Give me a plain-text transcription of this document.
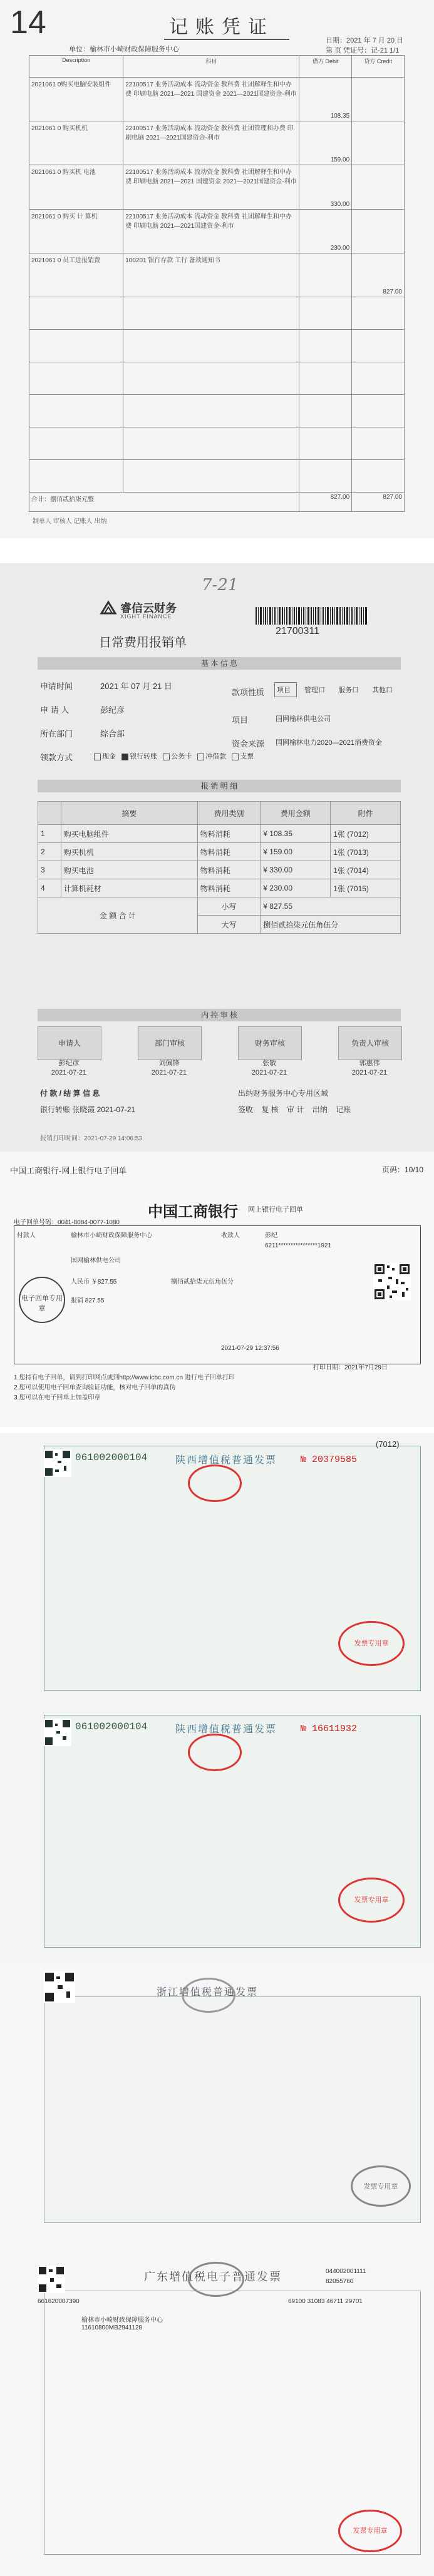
14	记账凭证
单位：榆林市小崎财政保障服务中心
日期：2021 年 7 月 20 日
第 页 凭证号：记-21 1/1
Description	科目	借方 Debit	贷方 Credit
2021061 0购买电脑安装组件	22100517 业务活动成本 流动资金 教科费 社团解释生和中办费 印刷电脑 2021—2021 国建资金 2021—2021国建资金-利市	108.35	
2021061 0 购买机机	22100517 业务活动成本 流动资金 教科费 社团管理和办费 印刷电脑 2021—2021国建资金-利市	159.00	
2021061 0 购买机 电池	22100517 业务活动成本 流动资金 教科费 社团解释生和中办费 印刷电脑 2021—2021 国建资金 2021—2021国建资金-利市	330.00	
2021061 0 购买 计 算机	22100517 业务活动成本 流动资金 教科费 社团解释生和中办费 印刷电脑 2021—2021国建资金-利市	230.00	
2021061 0 员工进报销费	100201 银行存款 工行 备款通知书		827.00

合计：捌佰贰拾柒元整		827.00	827.00
制单人 审核人 记账人 出纳
7-21
睿信云财务
XIGHT FINANCE
21700311
日常费用报销单
基 本 信 息
申请时间	2021 年 07 月 21 日
申 请 人	彭纪彦
所在部门	综合部
领款方式	现金 银行转账 公务卡 冲借款 支票
款项性质 项目 管理口 服务口 其他口
项目	国网榆林供电公司
资金来源 国网榆林电力2020—2021消费资金
报 销 明 细
	摘要	费用类别	费用金额	附件
1	购买电脑组件	物料消耗	¥ 108.35	1张 (7012)
2	购买机机	物料消耗	¥ 159.00	1张 (7013)
3	购买电池	物料消耗	¥ 330.00	1张 (7014)
4	计算机耗材	物料消耗	¥ 230.00	1张 (7015)
金 额 合 计		小写	¥ 827.55	
		大写	捌佰贰拾柒元伍角伍分	
内 控 审 核
申请人
彭纪彦
2021-07-21
部门审核
刘佩锋
2021-07-21
财务审核
张敏
2021-07-21
负责人审核
郭惠伟
2021-07-21
付 款 / 结 算 信 息
银行转账 张晓霞 2021-07-21
出纳财务服务中心专用区域
签收 复 核 审 计 出纳 记账
报销打印时间：2021-07-29 14:06:53
中国工商银行-网上银行电子回单	页码：10/10
中国工商银行 网上银行电子回单
电子回单号码：0041-8084-0077-1080
付款人	榆林市小崎财政保障服务中心	收款人	彭纪
6211****************1921
国网榆林供电公司
人民币 ￥827.55	捌佰贰拾柒元伍角伍分
报销 827.55
2021-07-29 12:37:56
电子回单专用章
1.您持有电子回单，请到打印网点或到http://www.icbc.com.cn 进行电子回单打印
2.您可以使用电子回单查询验证功能，核对电子回单的真伪
3.您可以在电子回单上加盖印章
打印日期：2021年7月29日
061002000104	陕西增值税普通发票	№ 20379585
(7012)
发票专用章
061002000104	陕西增值税普通发票	№ 16611932
发票专用章
浙江增值税普通发票
发票专用章
广东增值税电子普通发票	044002001111
82055760
661620007390	69100 31083 46711 29701
榆林市小崎财政保障服务中心
11610800MB2941128
发票专用章
